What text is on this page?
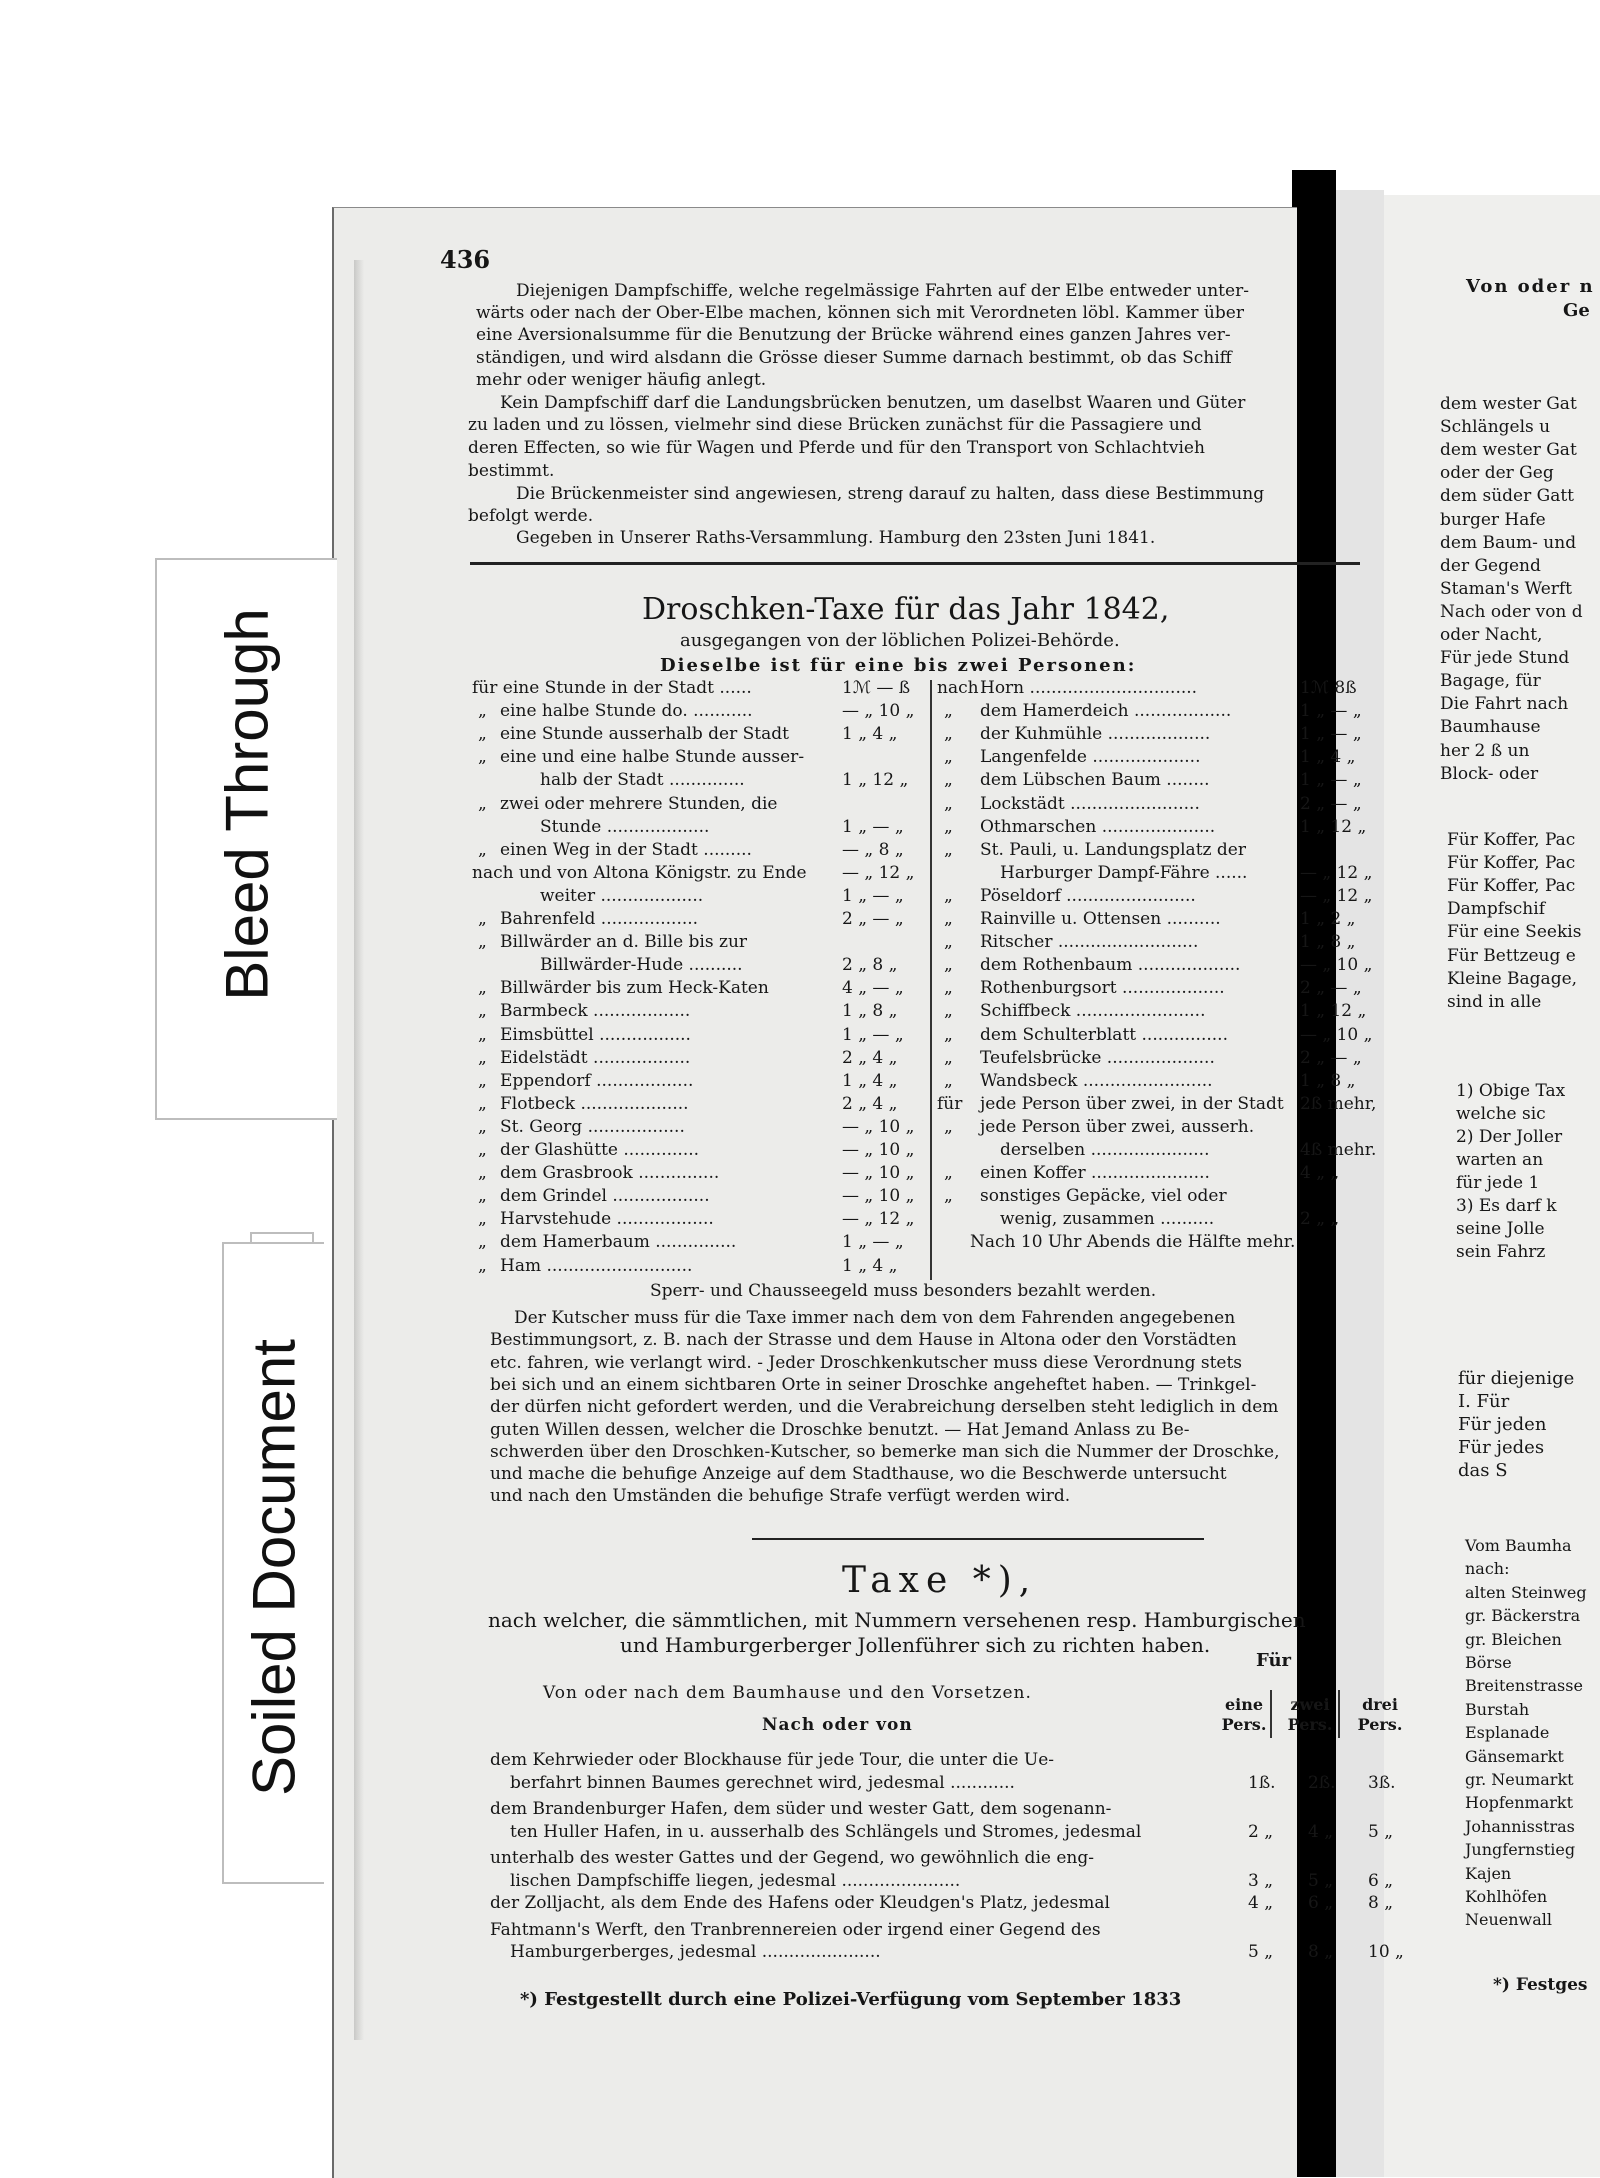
Bleed Through
Soiled Document
436
Diejenigen Dampfschiffe, welche regelmässige Fahrten auf der Elbe entweder unter-
wärts oder nach der Ober-Elbe machen, können sich mit Verordneten löbl. Kammer über
eine Aversionalsumme für die Benutzung der Brücke während eines ganzen Jahres ver-
ständigen, und wird alsdann die Grösse dieser Summe darnach bestimmt, ob das Schiff
mehr oder weniger häufig anlegt.
Kein Dampfschiff darf die Landungsbrücken benutzen, um daselbst Waaren und Güter
zu laden und zu lössen, vielmehr sind diese Brücken zunächst für die Passagiere und
deren Effecten, so wie für Wagen und Pferde und für den Transport von Schlachtvieh
bestimmt.
Die Brückenmeister sind angewiesen, streng darauf zu halten, dass diese Bestimmung
befolgt werde.
Gegeben in Unserer Raths-Versammlung. Hamburg den 23sten Juni 1841.
Droschken-Taxe für das Jahr 1842,
ausgegangen von der löblichen Polizei-Behörde.
Dieselbe ist für eine bis zwei Personen:
für eine Stunde in der Stadt ......	1ℳ — ß
„ eine halbe Stunde do. ...........	— „ 10 „
„ eine Stunde ausserhalb der Stadt	1 „ 4 „
„ eine und eine halbe Stunde ausser-
halb der Stadt ..............	1 „ 12 „
„ zwei oder mehrere Stunden, die
Stunde ...................	1 „ — „
„ einen Weg in der Stadt .........	— „ 8 „
nach und von Altona Königstr. zu Ende — „ 12 „
weiter ...................	1 „ — „
„ Bahrenfeld ..................	2 „ — „
„ Billwärder an d. Bille bis zur
Billwärder-Hude ..........	2 „ 8 „
„ Billwärder bis zum Heck-Katen	4 „ — „
„ Barmbeck ..................	1 „ 8 „
„ Eimsbüttel .................	1 „ — „
„ Eidelstädt ..................	2 „ 4 „
„ Eppendorf ..................	1 „ 4 „
„ Flotbeck ....................	2 „ 4 „
„ St. Georg ..................	— „ 10 „
„ der Glashütte ..............	— „ 10 „
„ dem Grasbrook ...............	— „ 10 „
„ dem Grindel ..................	— „ 10 „
„ Harvstehude ..................	— „ 12 „
„ dem Hamerbaum ...............	1 „ — „
„ Ham ...........................	1 „ 4 „
nach Horn ...............................	1ℳ 8ß
„ dem Hamerdeich ..................	1 „ — „
„ der Kuhmühle ...................	1 „ — „
„ Langenfelde ....................	1 „ 4 „
„ dem Lübschen Baum ........	1 „ — „
„ Lockstädt ........................	2 „ — „
„ Othmarschen .....................	1 „ 12 „
„ St. Pauli, u. Landungsplatz der
Harburger Dampf-Fähre ......	— „ 12 „
„ Pöseldorf ........................	— „ 12 „
„ Rainville u. Ottensen ..........	1 „ 2 „
„ Ritscher ..........................	1 „ 8 „
„ dem Rothenbaum ...................	— „ 10 „
„ Rothenburgsort ...................	2 „ — „
„ Schiffbeck ........................	1 „ 12 „
„ dem Schulterblatt ................	— „ 10 „
„ Teufelsbrücke ....................	2 „ — „
„ Wandsbeck ........................	1 „ 8 „
für jede Person über zwei, in der Stadt 2ß mehr,
„ jede Person über zwei, ausserh.
derselben ......................	4ß mehr.
„ einen Koffer ......................	4 „ „
„ sonstiges Gepäcke, viel oder
wenig, zusammen ..........	2 „ „
Nach 10 Uhr Abends die Hälfte mehr.
Sperr- und Chausseegeld muss besonders bezahlt werden.
Der Kutscher muss für die Taxe immer nach dem von dem Fahrenden angegebenen
Bestimmungsort, z. B. nach der Strasse und dem Hause in Altona oder den Vorstädten
etc. fahren, wie verlangt wird. - Jeder Droschkenkutscher muss diese Verordnung stets
bei sich und an einem sichtbaren Orte in seiner Droschke angeheftet haben. — Trinkgel-
der dürfen nicht gefordert werden, und die Verabreichung derselben steht lediglich in dem
guten Willen dessen, welcher die Droschke benutzt. — Hat Jemand Anlass zu Be-
schwerden über den Droschken-Kutscher, so bemerke man sich die Nummer der Droschke,
und mache die behufige Anzeige auf dem Stadthause, wo die Beschwerde untersucht
und nach den Umständen die behufige Strafe verfügt werden wird.
Taxe *),
nach welcher, die sämmtlichen, mit Nummern versehenen resp. Hamburgischen
und Hamburgerberger Jollenführer sich zu richten haben.
Für
Von oder nach dem Baumhause und den Vorsetzen.
Nach oder von
eine Pers.
zwei Pers.
drei Pers.
dem Kehrwieder oder Blockhause für jede Tour, die unter die Ue-
berfahrt binnen Baumes gerechnet wird, jedesmal ............	1ß. 2ß. 3ß.
dem Brandenburger Hafen, dem süder und wester Gatt, dem sogenann-
ten Huller Hafen, in u. ausserhalb des Schlängels und Stromes, jedesmal	2 „ 4 „ 5 „
unterhalb des wester Gattes und der Gegend, wo gewöhnlich die eng-
lischen Dampfschiffe liegen, jedesmal ......................	3 „ 5 „ 6 „
der Zolljacht, als dem Ende des Hafens oder Kleudgen's Platz, jedesmal	4 „ 6 „ 8 „
Fahtmann's Werft, den Tranbrennereien oder irgend einer Gegend des
Hamburgerberges, jedesmal ......................	5 „ 8 „ 10 „
*) Festgestellt durch eine Polizei-Verfügung vom September 1833
Von oder n
Ge
dem wester Gat
Schlängels u
dem wester Gat
oder der Geg
dem süder Gatt
burger Hafe
dem Baum- und
der Gegend
Staman's Werft
Nach oder von d
oder Nacht,
Für jede Stund
Bagage, für
Die Fahrt nach
Baumhause
her 2 ß un
Block- oder
Für Koffer, Pac
Für Koffer, Pac
Für Koffer, Pac
Dampfschif
Für eine Seekis
Für Bettzeug e
Kleine Bagage,
sind in alle
1) Obige Tax
welche sic
2) Der Joller
warten an
für jede 1
3) Es darf k
seine Jolle
sein Fahrz
für diejenige
I. Für
Für jeden
Für jedes
das S
Vom Baumha
nach:
alten Steinweg
gr. Bäckerstra
gr. Bleichen
Börse
Breitenstrasse
Burstah
Esplanade
Gänsemarkt
gr. Neumarkt
Hopfenmarkt
Johannisstras
Jungfernstieg
Kajen
Kohlhöfen
Neuenwall
*) Festges
